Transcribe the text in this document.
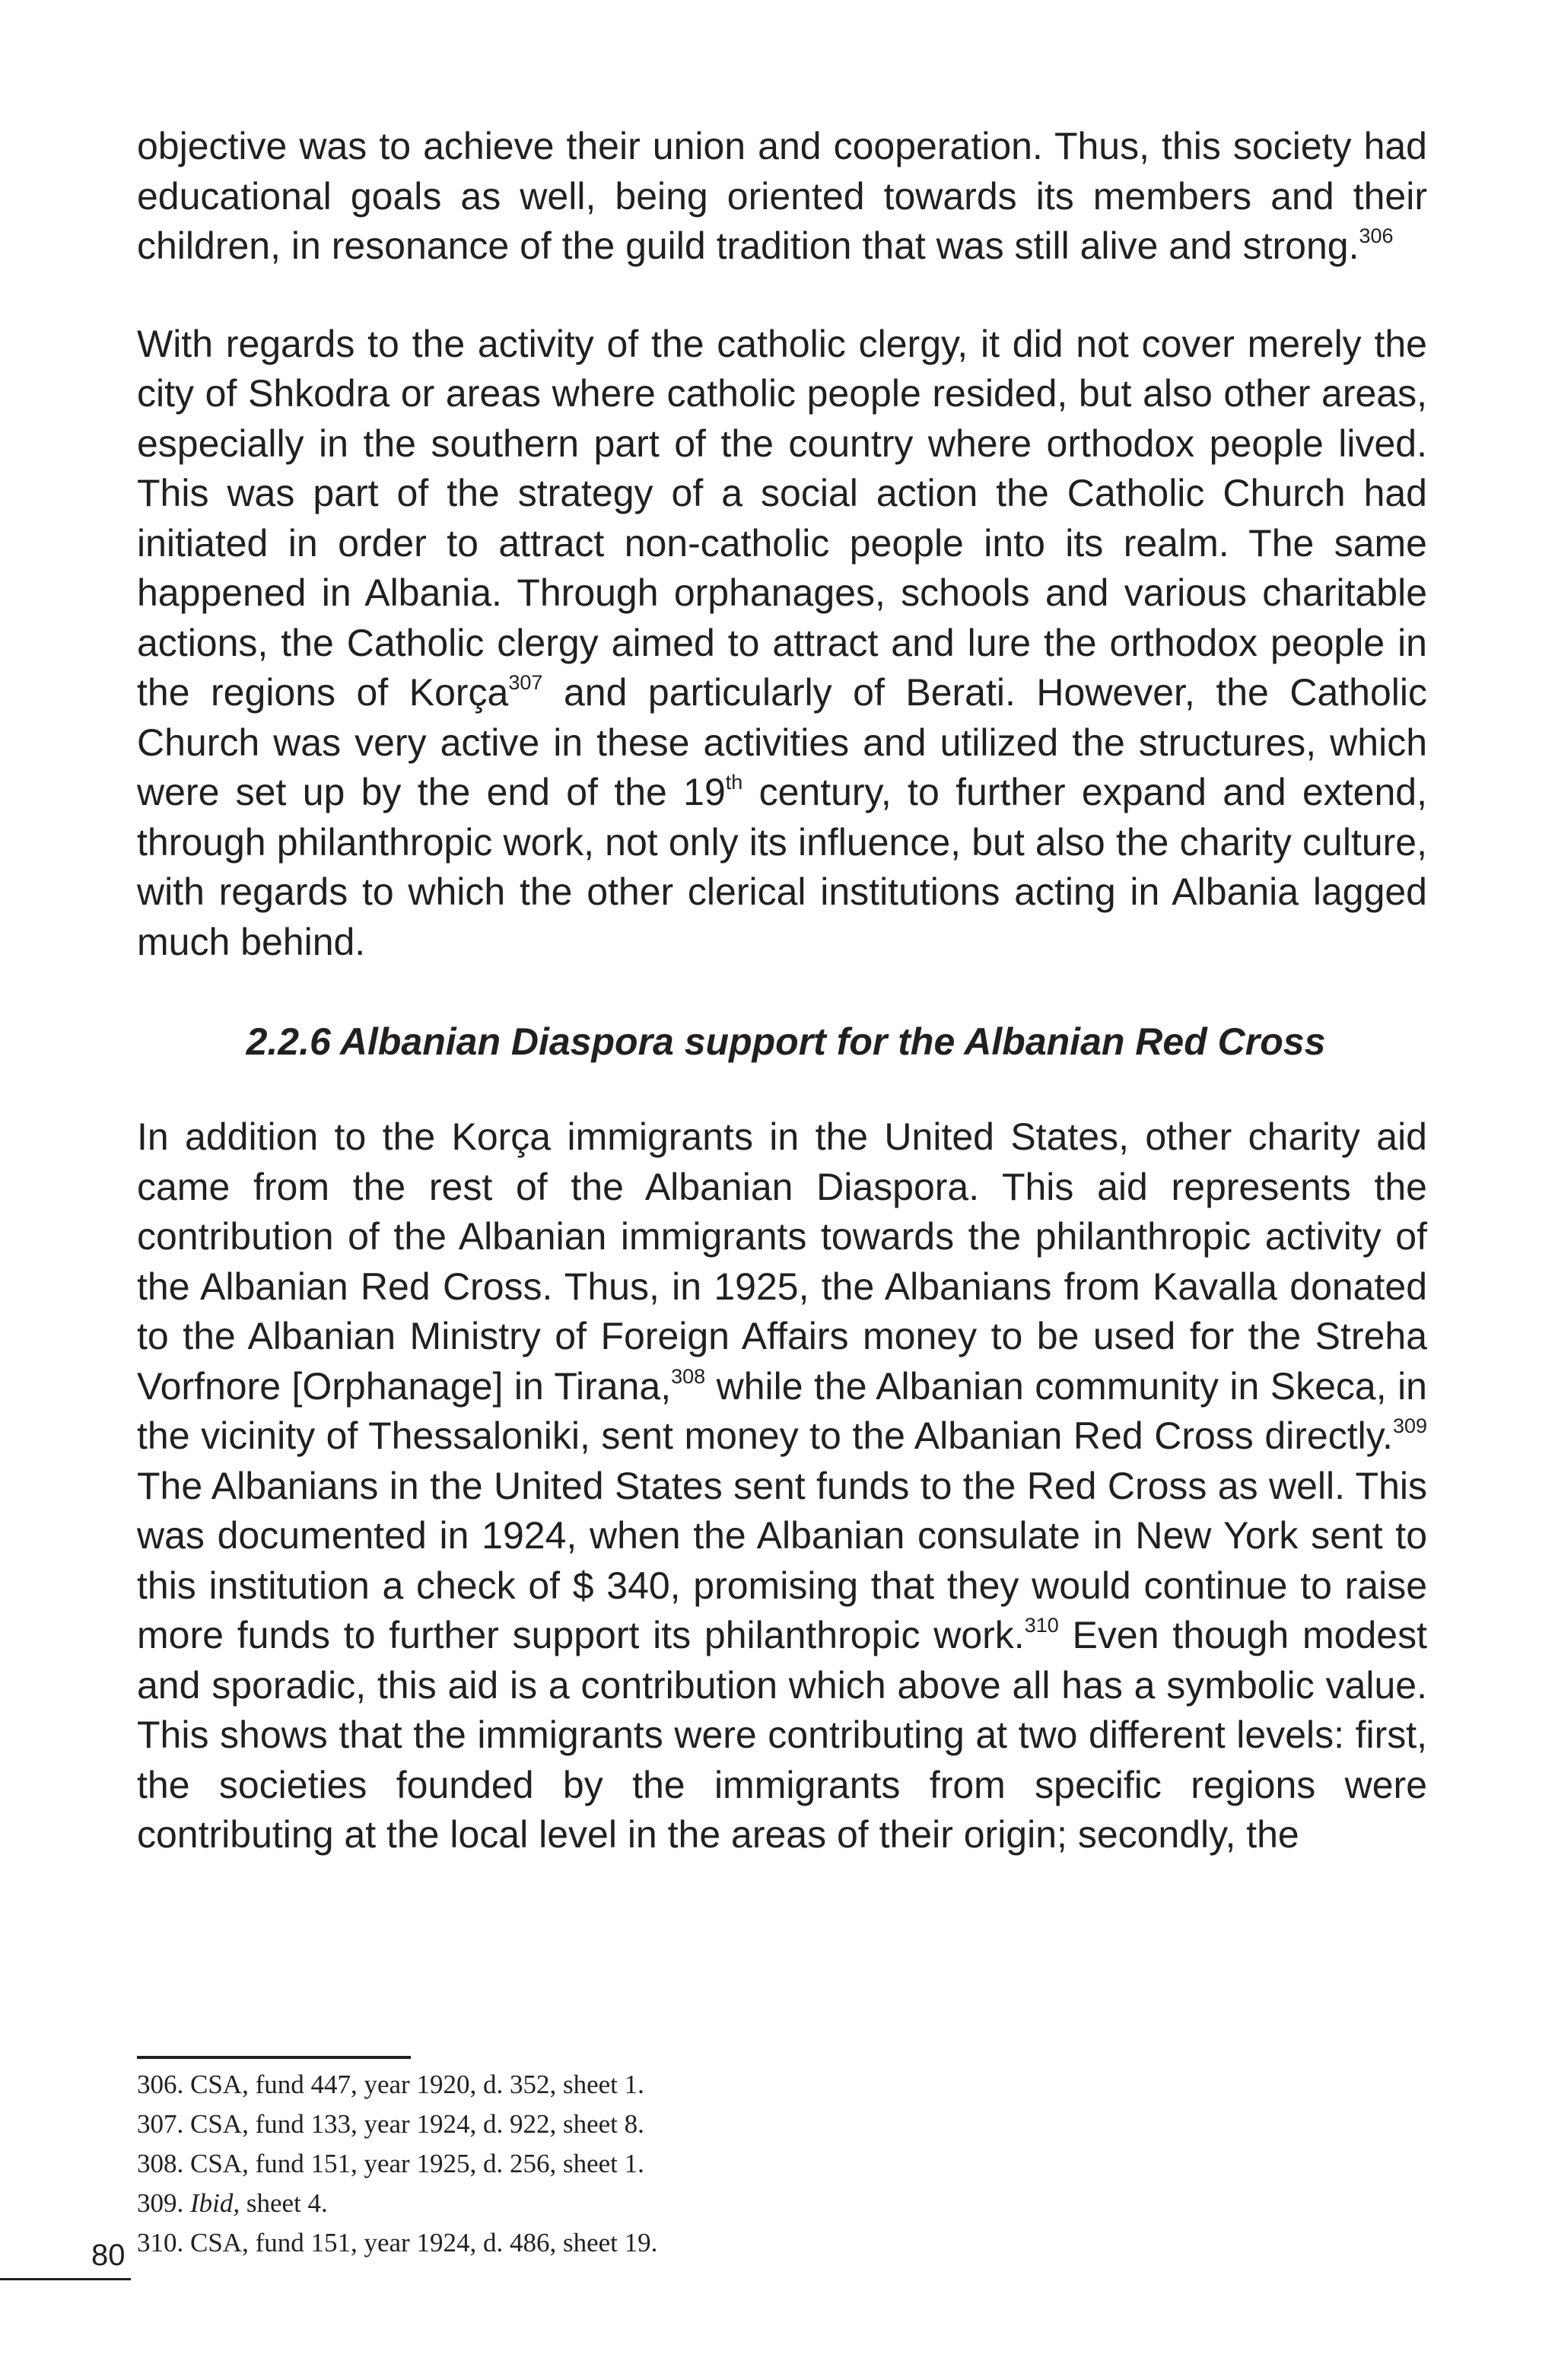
objective was to achieve their union and cooperation. Thus, this society had educational goals as well, being oriented towards its members and their children, in resonance of the guild tradition that was still alive and strong.$^{306}$

With regards to the activity of the catholic clergy, it did not cover merely the city of Shkodra or areas where catholic people resided, but also other areas, especially in the southern part of the country where orthodox people lived. This was part of the strategy of a social action the Catholic Church had initiated in order to attract non-catholic people into its realm. The same happened in Albania. Through orphanages, schools and various charitable actions, the Catholic clergy aimed to attract and lure the orthodox people in the regions of Korça$^{307}$ and particularly of Berati. However, the Catholic Church was very active in these activities and utilized the structures, which were set up by the end of the 19th century, to further expand and extend, through philanthropic work, not only its influence, but also the charity culture, with regards to which the other clerical institutions acting in Albania lagged much behind.

2.2.6 Albanian Diaspora support for the Albanian Red Cross

In addition to the Korça immigrants in the United States, other charity aid came from the rest of the Albanian Diaspora. This aid represents the contribution of the Albanian immigrants towards the philanthropic activity of the Albanian Red Cross. Thus, in 1925, the Albanians from Kavalla donated to the Albanian Ministry of Foreign Affairs money to be used for the Streha Vorfnore [Orphanage] in Tirana,$^{308}$ while the Albanian community in Skeca, in the vicinity of Thessaloniki, sent money to the Albanian Red Cross directly.$^{309}$ The Albanians in the United States sent funds to the Red Cross as well. This was documented in 1924, when the Albanian consulate in New York sent to this institution a check of $ 340, promising that they would continue to raise more funds to further support its philanthropic work.$^{310}$ Even though modest and sporadic, this aid is a contribution which above all has a symbolic value. This shows that the immigrants were contributing at two different levels: first, the societies founded by the immigrants from specific regions were contributing at the local level in the areas of their origin; secondly, the

306. CSA, fund 447, year 1920, d. 352, sheet 1.
307. CSA, fund 133, year 1924, d. 922, sheet 8.
308. CSA, fund 151, year 1925, d. 256, sheet 1.
309. Ibid, sheet 4.
310. CSA, fund 151, year 1924, d. 486, sheet 19.
80
